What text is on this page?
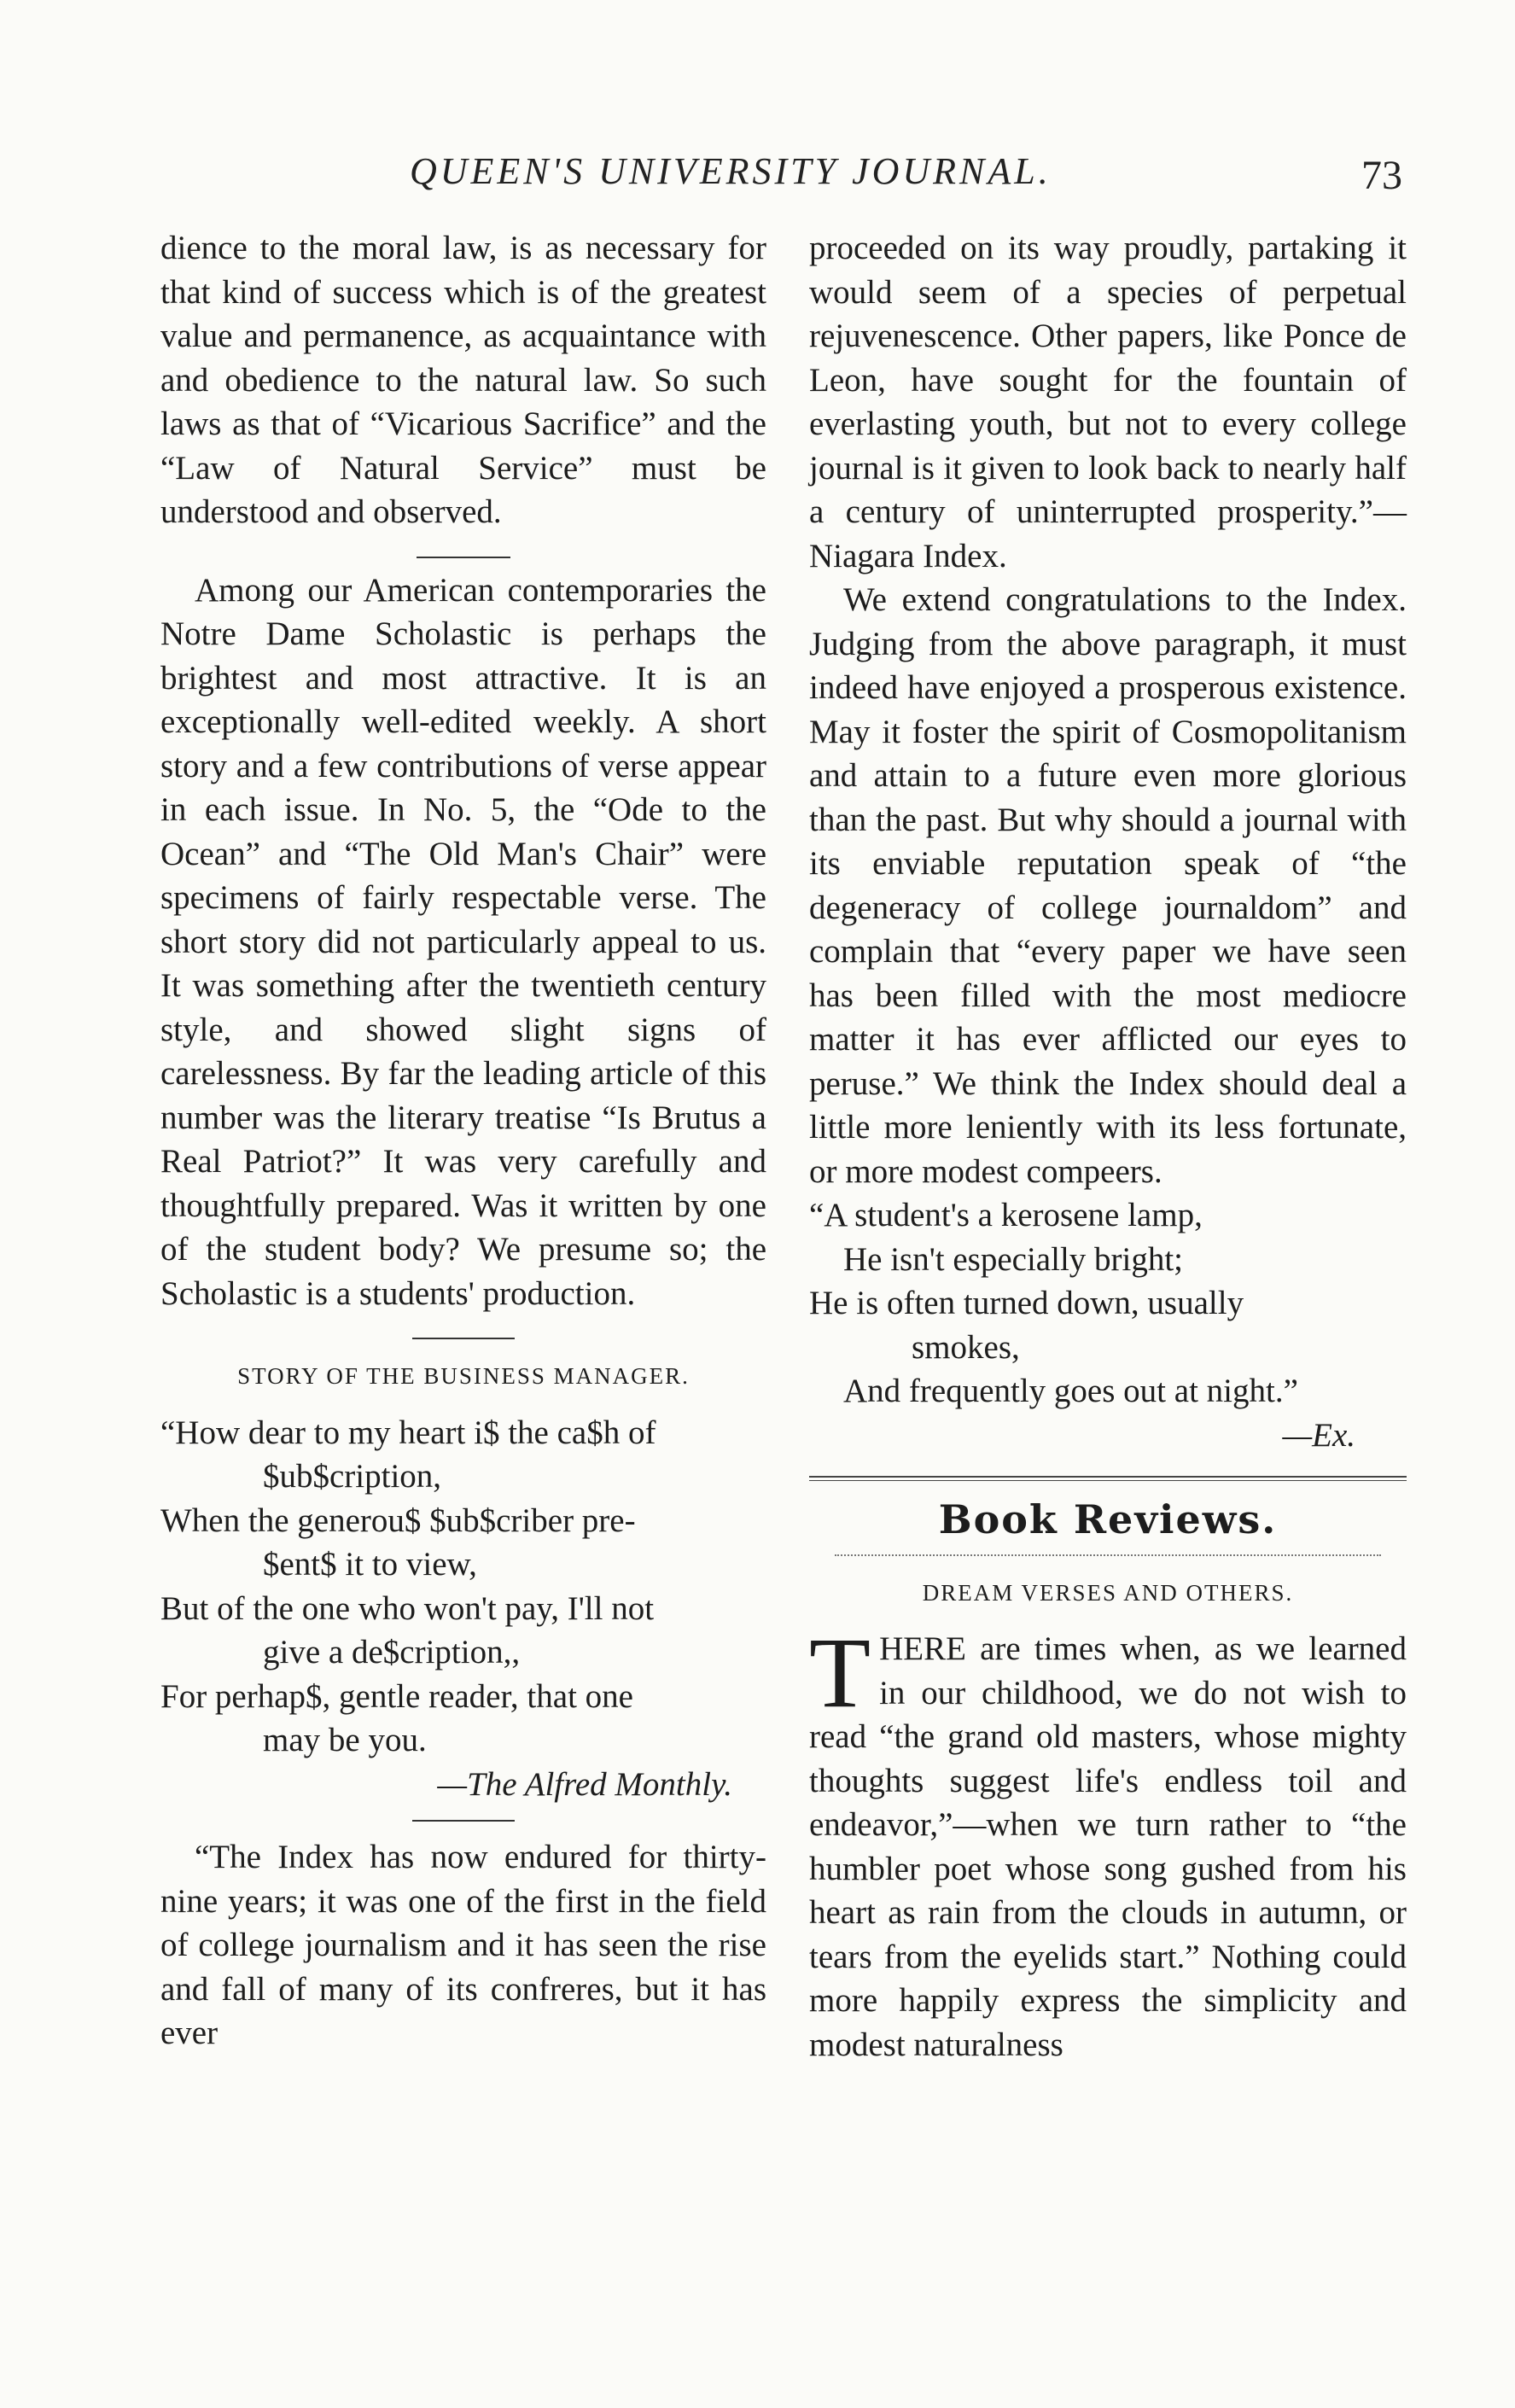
QUEEN'S UNIVERSITY JOURNAL.	73

dience to the moral law, is as necessary for that kind of success which is of the greatest value and permanence, as acquaintance with and obedience to the natural law. So such laws as that of “Vicarious Sacrifice” and the “Law of Natural Service” must be understood and observed.

Among our American contemporaries the Notre Dame Scholastic is perhaps the brightest and most attractive. It is an exceptionally well-edited weekly. A short story and a few contributions of verse appear in each issue. In No. 5, the “Ode to the Ocean” and “The Old Man's Chair” were specimens of fairly respectable verse. The short story did not particularly appeal to us. It was something after the twentieth century style, and showed slight signs of carelessness. By far the leading article of this number was the literary treatise “Is Brutus a Real Patriot?” It was very carefully and thoughtfully prepared. Was it written by one of the student body? We presume so; the Scholastic is a students' production.

STORY OF THE BUSINESS MANAGER.

“How dear to my heart i$ the ca$h of

$ub$cription,

When the generou$ $ub$criber pre-

$ent$ it to view,

But of the one who won't pay, I'll not

give a de$cription,,

For perhap$, gentle reader, that one

may be you.

—The Alfred Monthly.

“The Index has now endured for thirty-nine years; it was one of the first in the field of college journalism and it has seen the rise and fall of many of its confreres, but it has ever

proceeded on its way proudly, partaking it would seem of a species of perpetual rejuvenescence. Other papers, like Ponce de Leon, have sought for the fountain of everlasting youth, but not to every college journal is it given to look back to nearly half a century of uninterrupted prosperity.”—Niagara Index.

We extend congratulations to the Index. Judging from the above paragraph, it must indeed have enjoyed a prosperous existence. May it foster the spirit of Cosmopolitanism and attain to a future even more glorious than the past. But why should a journal with its enviable reputation speak of “the degeneracy of college journaldom” and complain that “every paper we have seen has been filled with the most mediocre matter it has ever afflicted our eyes to peruse.” We think the Index should deal a little more leniently with its less fortunate, or more modest compeers.

“A student's a kerosene lamp,

He isn't especially bright;

He is often turned down, usually

smokes,

And frequently goes out at night.”

—Ex.

Book Reviews.
DREAM VERSES AND OTHERS.

THERE are times when, as we learned in our childhood, we do not wish to read “the grand old masters, whose mighty thoughts suggest life's endless toil and endeavor,”—when we turn rather to “the humbler poet whose song gushed from his heart as rain from the clouds in autumn, or tears from the eyelids start.” Nothing could more happily express the simplicity and modest naturalness
